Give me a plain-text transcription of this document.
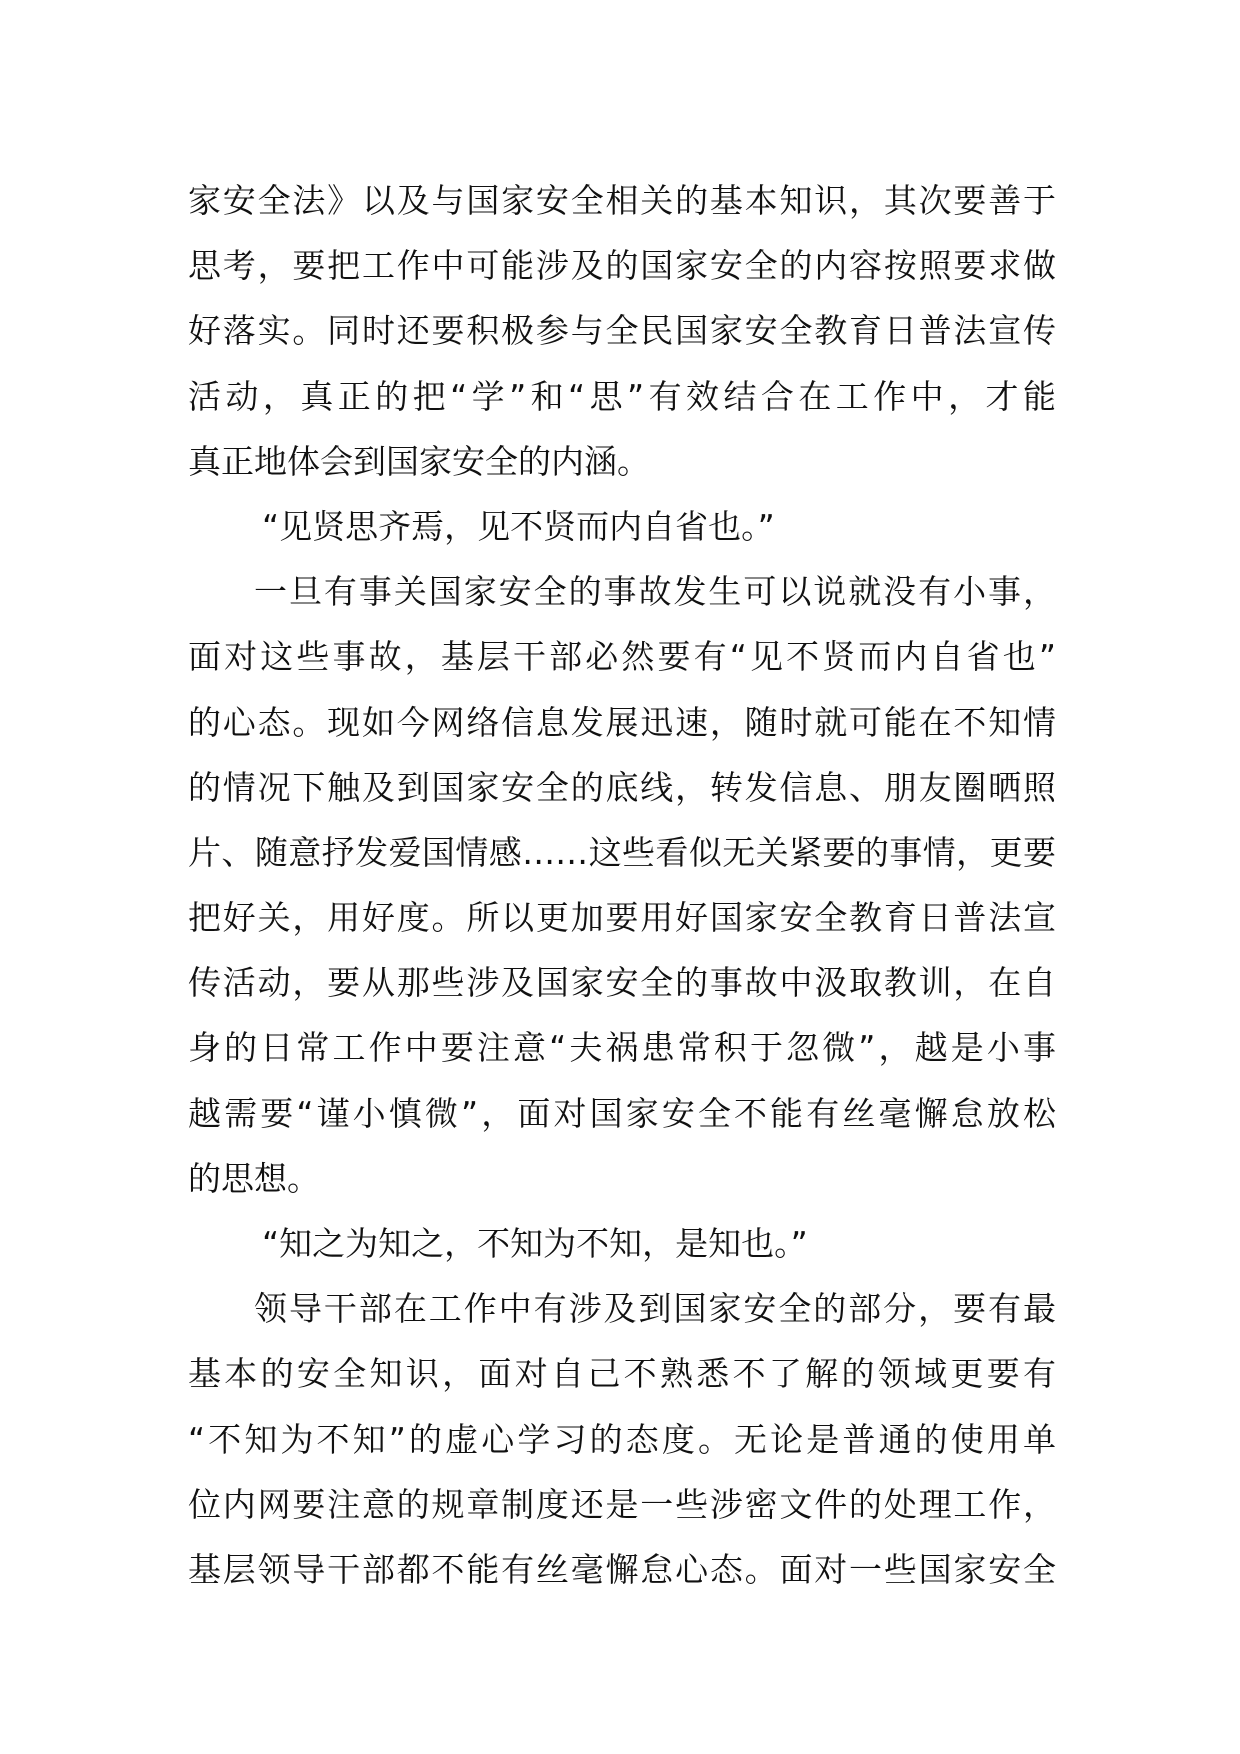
家安全法》以及与国家安全相关的基本知识，其次要善于
思考，要把工作中可能涉及的国家安全的内容按照要求做
好落实。同时还要积极参与全民国家安全教育日普法宣传
活动，真正的把“学”和“思”有效结合在工作中，才能
真正地体会到国家安全的内涵。
“见贤思齐焉，见不贤而内自省也。”
一旦有事关国家安全的事故发生可以说就没有小事，
面对这些事故，基层干部必然要有“见不贤而内自省也”
的心态。现如今网络信息发展迅速，随时就可能在不知情
的情况下触及到国家安全的底线，转发信息、朋友圈晒照
片、随意抒发爱国情感……这些看似无关紧要的事情，更要
把好关，用好度。所以更加要用好国家安全教育日普法宣
传活动，要从那些涉及国家安全的事故中汲取教训，在自
身的日常工作中要注意“夫祸患常积于忽微”，越是小事
越需要“谨小慎微”，面对国家安全不能有丝毫懈怠放松
的思想。
“知之为知之，不知为不知，是知也。”
领导干部在工作中有涉及到国家安全的部分，要有最
基本的安全知识，面对自己不熟悉不了解的领域更要有
“不知为不知”的虚心学习的态度。无论是普通的使用单
位内网要注意的规章制度还是一些涉密文件的处理工作，
基层领导干部都不能有丝毫懈怠心态。面对一些国家安全
